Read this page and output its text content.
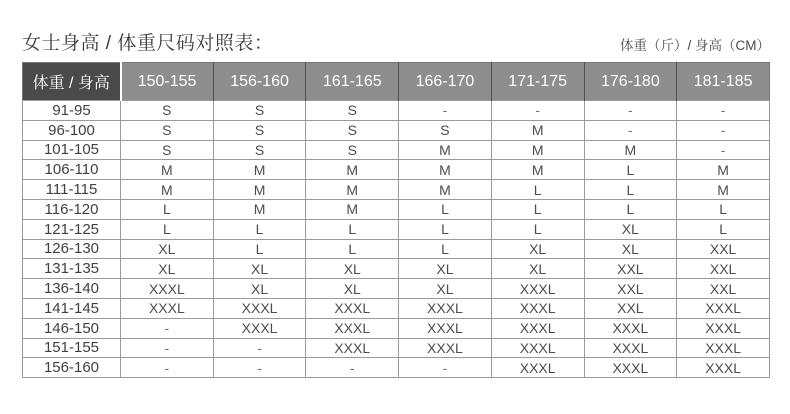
女士身高 / 体重尺码对照表：	体重（斤）/ 身高（CM）
体重 / 身高	150-155	156-160	161-165	166-170	171-175	176-180	181-185
91-95	S	S	S	-	-	-	-
96-100	S	S	S	S	M	-	-
101-105	S	S	S	M	M	M	-
106-110	M	M	M	M	M	L	M
111-115	M	M	M	M	L	L	M
116-120	L	M	M	L	L	L	L
121-125	L	L	L	L	L	XL	L
126-130	XL	L	L	L	XL	XL	XXL
131-135	XL	XL	XL	XL	XL	XXL	XXL
136-140	XXXL	XL	XL	XL	XXXL	XXL	XXL
141-145	XXXL	XXXL	XXXL	XXXL	XXXL	XXL	XXXL
146-150	-	XXXL	XXXL	XXXL	XXXL	XXXL	XXXL
151-155	-	-	XXXL	XXXL	XXXL	XXXL	XXXL
156-160	-	-	-	-	XXXL	XXXL	XXXL
